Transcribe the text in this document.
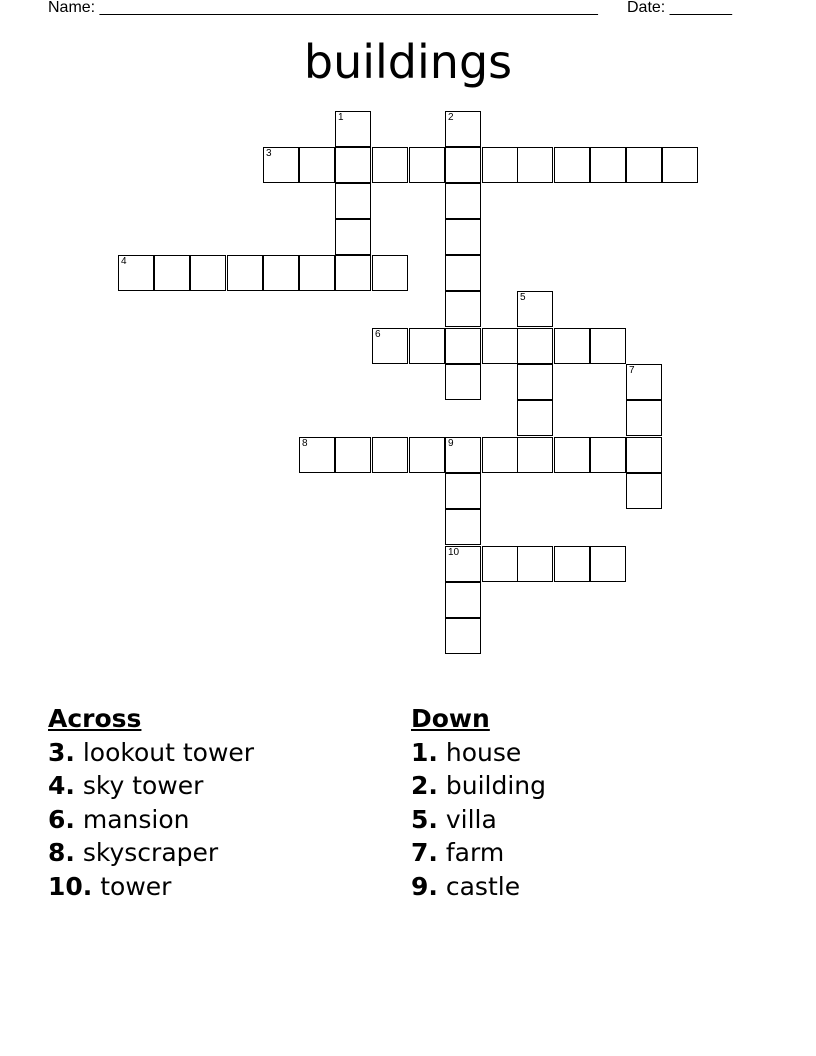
Name: ________________________________________________________ Date: _______
buildings
1	2
3
4
5
6
7
8	9
10
Across
3. lookout tower
4. sky tower
6. mansion
8. skyscraper
10. tower
Down
1. house
2. building
5. villa
7. farm
9. castle
